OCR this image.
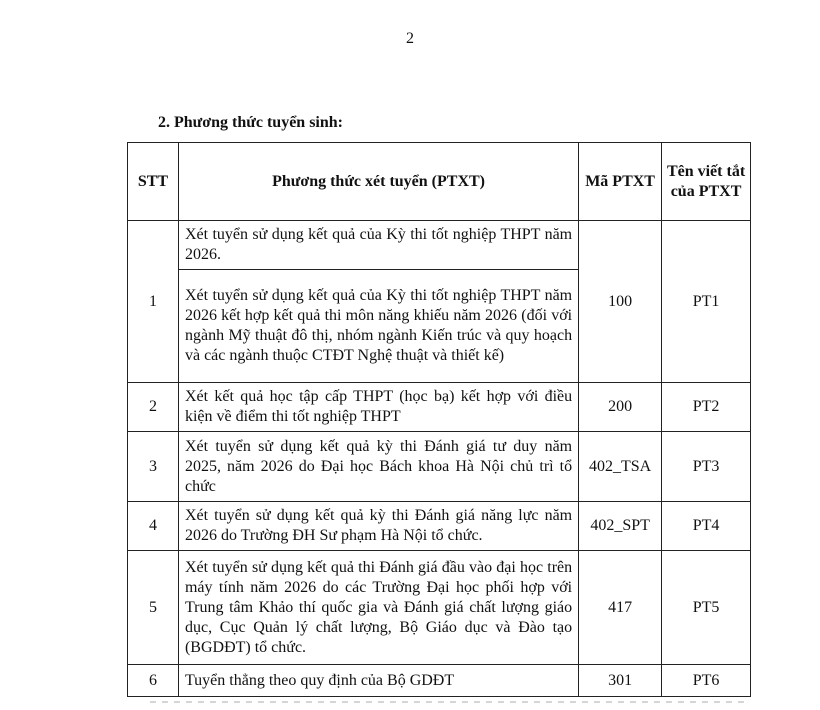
2
2. Phương thức tuyển sinh:
STT	Phương thức xét tuyển (PTXT)	Mã PTXT	Tên viết tắt của PTXT
1	Xét tuyển sử dụng kết quả của Kỳ thi tốt nghiệp THPT năm 2026.	100	PT1
	Xét tuyển sử dụng kết quả của Kỳ thi tốt nghiệp THPT năm 2026 kết hợp kết quả thi môn năng khiếu năm 2026 (đối với ngành Mỹ thuật đô thị, nhóm ngành Kiến trúc và quy hoạch và các ngành thuộc CTĐT Nghệ thuật và thiết kế)		
2	Xét kết quả học tập cấp THPT (học bạ) kết hợp với điều kiện về điểm thi tốt nghiệp THPT	200	PT2
3	Xét tuyển sử dụng kết quả kỳ thi Đánh giá tư duy năm 2025, năm 2026 do Đại học Bách khoa Hà Nội chủ trì tổ chức	402_TSA	PT3
4	Xét tuyển sử dụng kết quả kỳ thi Đánh giá năng lực năm 2026 do Trường ĐH Sư phạm Hà Nội tổ chức.	402_SPT	PT4
5	Xét tuyển sử dụng kết quả thi Đánh giá đầu vào đại học trên máy tính năm 2026 do các Trường Đại học phối hợp với Trung tâm Khảo thí quốc gia và Đánh giá chất lượng giáo dục, Cục Quản lý chất lượng, Bộ Giáo dục và Đào tạo (BGDĐT) tổ chức.	417	PT5
6	Tuyển thẳng theo quy định của Bộ GDĐT	301	PT6
